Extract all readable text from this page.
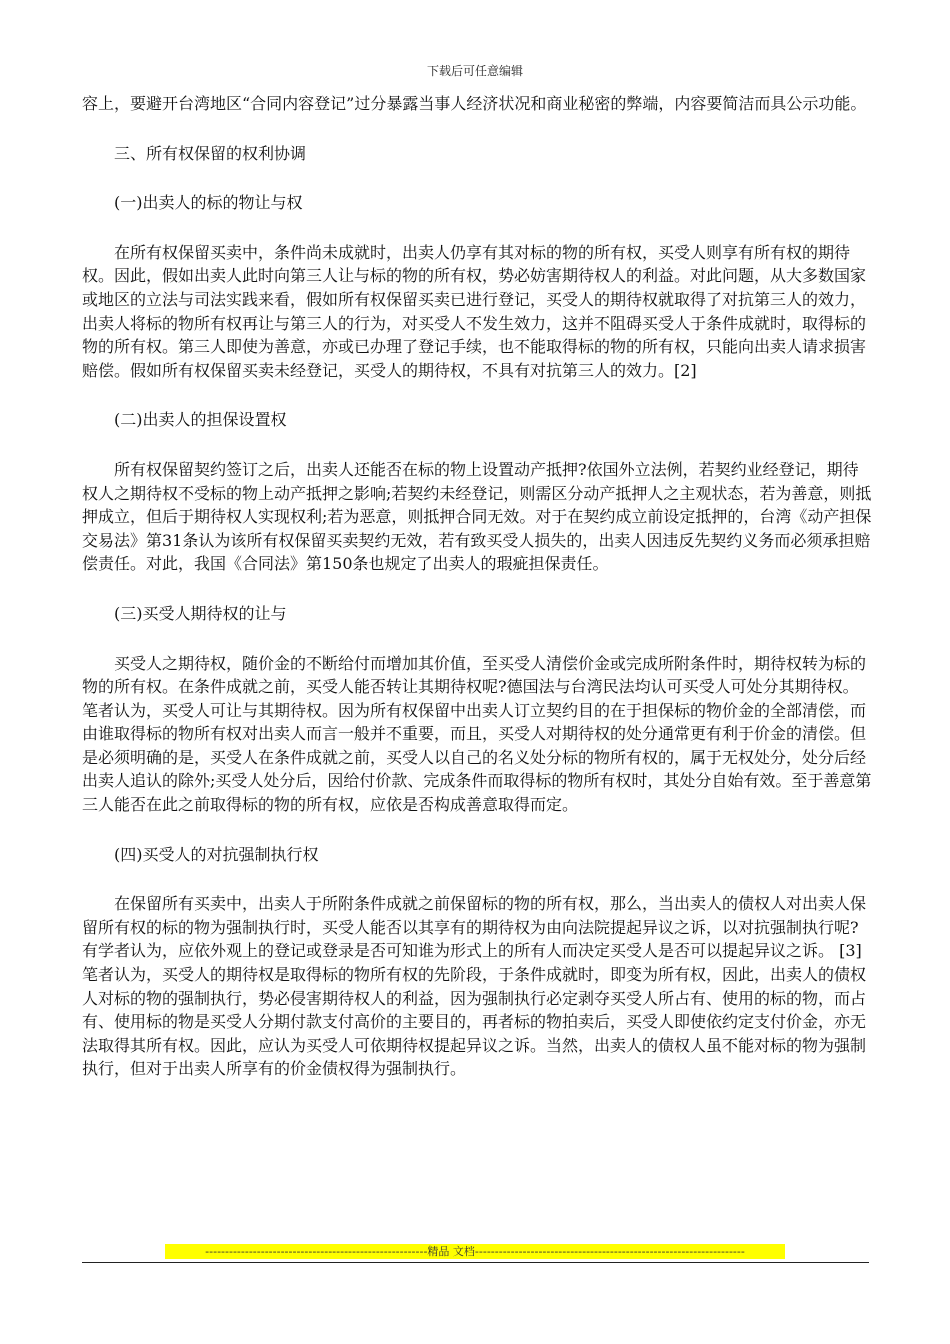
下载后可任意编辑

容上，要避开台湾地区“合同内容登记”过分暴露当事人经济状况和商业秘密的弊端，内容要简洁而具公示功能。

三、所有权保留的权利协调

(一)出卖人的标的物让与权

在所有权保留买卖中，条件尚未成就时，出卖人仍享有其对标的物的所有权，买受人则享有所有权的期待权。因此，假如出卖人此时向第三人让与标的物的所有权，势必妨害期待权人的利益。对此问题，从大多数国家或地区的立法与司法实践来看，假如所有权保留买卖已进行登记，买受人的期待权就取得了对抗第三人的效力，出卖人将标的物所有权再让与第三人的行为，对买受人不发生效力，这并不阻碍买受人于条件成就时，取得标的物的所有权。第三人即使为善意，亦或已办理了登记手续，也不能取得标的物的所有权，只能向出卖人请求损害赔偿。假如所有权保留买卖未经登记，买受人的期待权，不具有对抗第三人的效力。[2]

(二)出卖人的担保设置权

所有权保留契约签订之后，出卖人还能否在标的物上设置动产抵押?依国外立法例，若契约业经登记，期待权人之期待权不受标的物上动产抵押之影响;若契约未经登记，则需区分动产抵押人之主观状态，若为善意，则抵押成立，但后于期待权人实现权利;若为恶意，则抵押合同无效。对于在契约成立前设定抵押的，台湾《动产担保交易法》第31条认为该所有权保留买卖契约无效，若有致买受人损失的，出卖人因违反先契约义务而必须承担赔偿责任。对此，我国《合同法》第150条也规定了出卖人的瑕疵担保责任。

(三)买受人期待权的让与

买受人之期待权，随价金的不断给付而增加其价值，至买受人清偿价金或完成所附条件时，期待权转为标的物的所有权。在条件成就之前，买受人能否转让其期待权呢?德国法与台湾民法均认可买受人可处分其期待权。笔者认为，买受人可让与其期待权。因为所有权保留中出卖人订立契约目的在于担保标的物价金的全部清偿，而由谁取得标的物所有权对出卖人而言一般并不重要，而且，买受人对期待权的处分通常更有利于价金的清偿。但是必须明确的是，买受人在条件成就之前，买受人以自己的名义处分标的物所有权的，属于无权处分，处分后经出卖人追认的除外;买受人处分后，因给付价款、完成条件而取得标的物所有权时，其处分自始有效。至于善意第三人能否在此之前取得标的物的所有权，应依是否构成善意取得而定。

(四)买受人的对抗强制执行权

在保留所有买卖中，出卖人于所附条件成就之前保留标的物的所有权，那么，当出卖人的债权人对出卖人保留所有权的标的物为强制执行时，买受人能否以其享有的期待权为由向法院提起异议之诉，以对抗强制执行呢?有学者认为，应依外观上的登记或登录是否可知谁为形式上的所有人而决定买受人是否可以提起异议之诉。 [3]笔者认为，买受人的期待权是取得标的物所有权的先阶段，于条件成就时，即变为所有权，因此，出卖人的债权人对标的物的强制执行，势必侵害期待权人的利益，因为强制执行必定剥夺买受人所占有、使用的标的物，而占有、使用标的物是买受人分期付款支付高价的主要目的，再者标的物拍卖后，买受人即使依约定支付价金，亦无法取得其所有权。因此，应认为买受人可依期待权提起异议之诉。当然，出卖人的债权人虽不能对标的物为强制执行，但对于出卖人所享有的价金债权得为强制执行。

--------------------------------------------------------精品 文档--------------------------------------------------------------------
